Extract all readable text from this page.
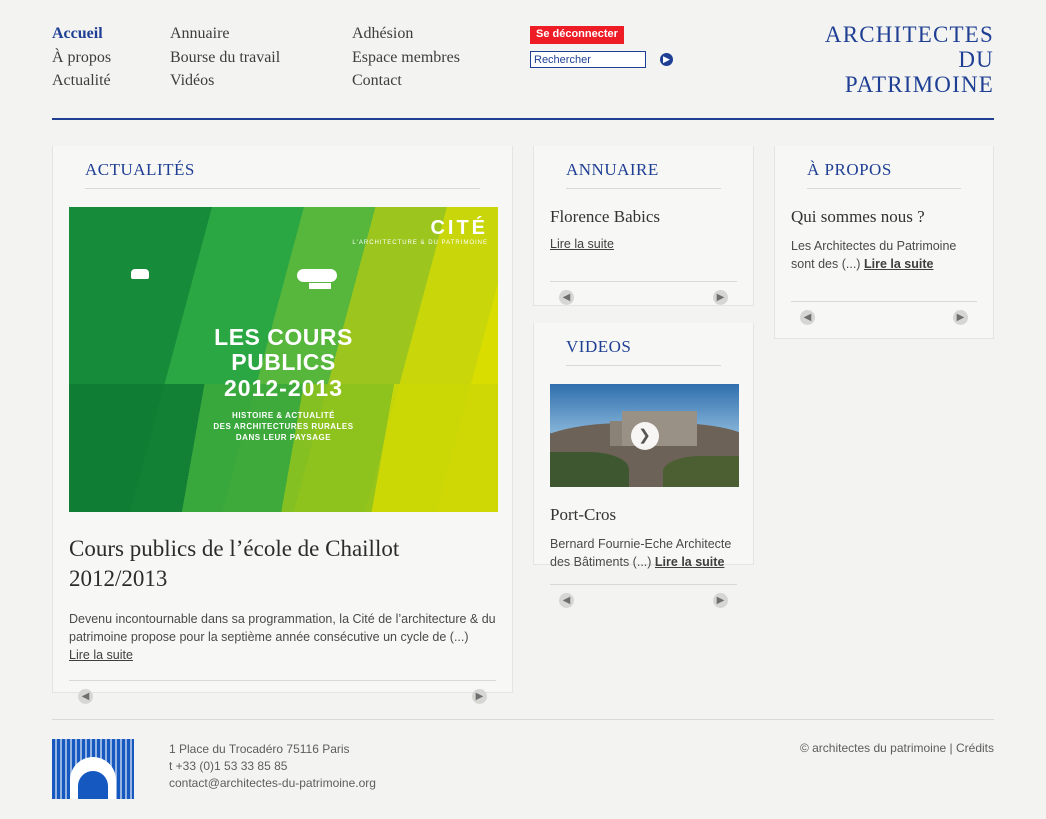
Accueil
À propos
Actualité
Annuaire
Bourse du travail
Vidéos
Adhésion
Espace membres
Contact
Se déconnecter
Rechercher
▶
ARCHITECTES
DU
PATRIMOINE
ACTUALITÉS
CITÉ
L'ARCHITECTURE & DU PATRIMOINE
LES COURS
PUBLICS
2012-2013
HISTOIRE & ACTUALITÉ
DES ARCHITECTURES RURALES
DANS LEUR PAYSAGE
Cours publics de l’école de Chaillot 2012/2013

Devenu incontournable dans sa programmation, la Cité de l’architecture & du patrimoine propose pour la septième année consécutive un cycle de (...)
Lire la suite

◀	▶
ANNUAIRE
Florence Babics
Lire la suite
◀	▶
VIDEOS
❯
Port-Cros

Bernard Fournie-Eche Architecte des Bâtiments (...) Lire la suite

◀	▶
À PROPOS
Qui sommes nous ?

Les Architectes du Patrimoine sont des (...) Lire la suite

◀	▶
1 Place du Trocadéro 75116 Paris
t +33 (0)1 53 33 85 85
contact@architectes-du-patrimoine.org
© architectes du patrimoine | Crédits
